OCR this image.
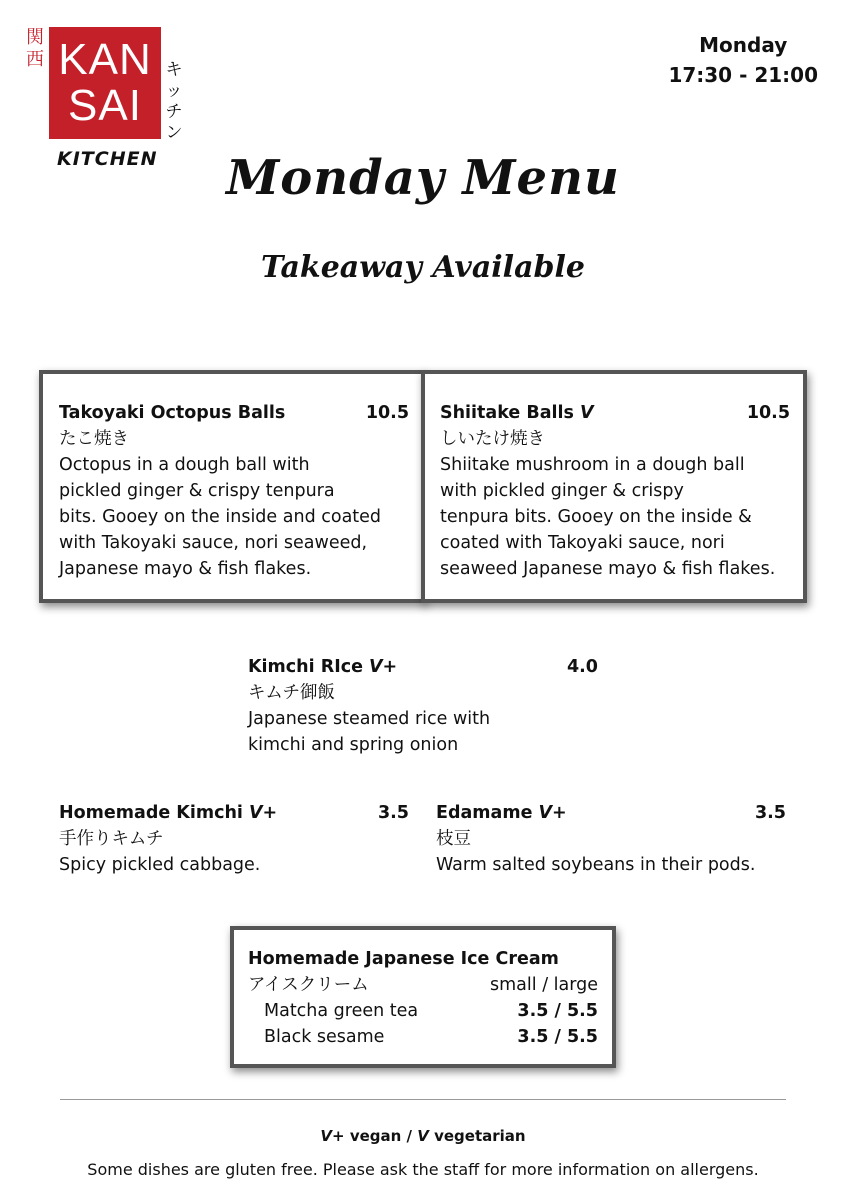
関
西 KAN
SAI
キ
ッ
チ
ン
KITCHEN
Monday
17:30 - 21:00
Monday Menu
Takeaway Available
Takoyaki Octopus Balls	10.5
たこ焼き
Octopus in a dough ball with
pickled ginger & crispy tenpura
bits. Gooey on the inside and coated
with Takoyaki sauce, nori seaweed,
Japanese mayo & fish flakes.
Shiitake Balls V	10.5
しいたけ焼き
Shiitake mushroom in a dough ball
with pickled ginger & crispy
tenpura bits. Gooey on the inside &
coated with Takoyaki sauce, nori
seaweed Japanese mayo & fish flakes.
Kimchi RIce V+	4.0
キムチ御飯
Japanese steamed rice with
kimchi and spring onion
Homemade Kimchi V+	3.5
手作りキムチ
Spicy pickled cabbage.
Edamame V+	3.5
枝豆
Warm salted soybeans in their pods.
Homemade Japanese Ice Cream
アイスクリーム	small / large
Matcha green tea	3.5 / 5.5
Black sesame	3.5 / 5.5
V+ vegan / V vegetarian
Some dishes are gluten free. Please ask the staff for more information on allergens.
